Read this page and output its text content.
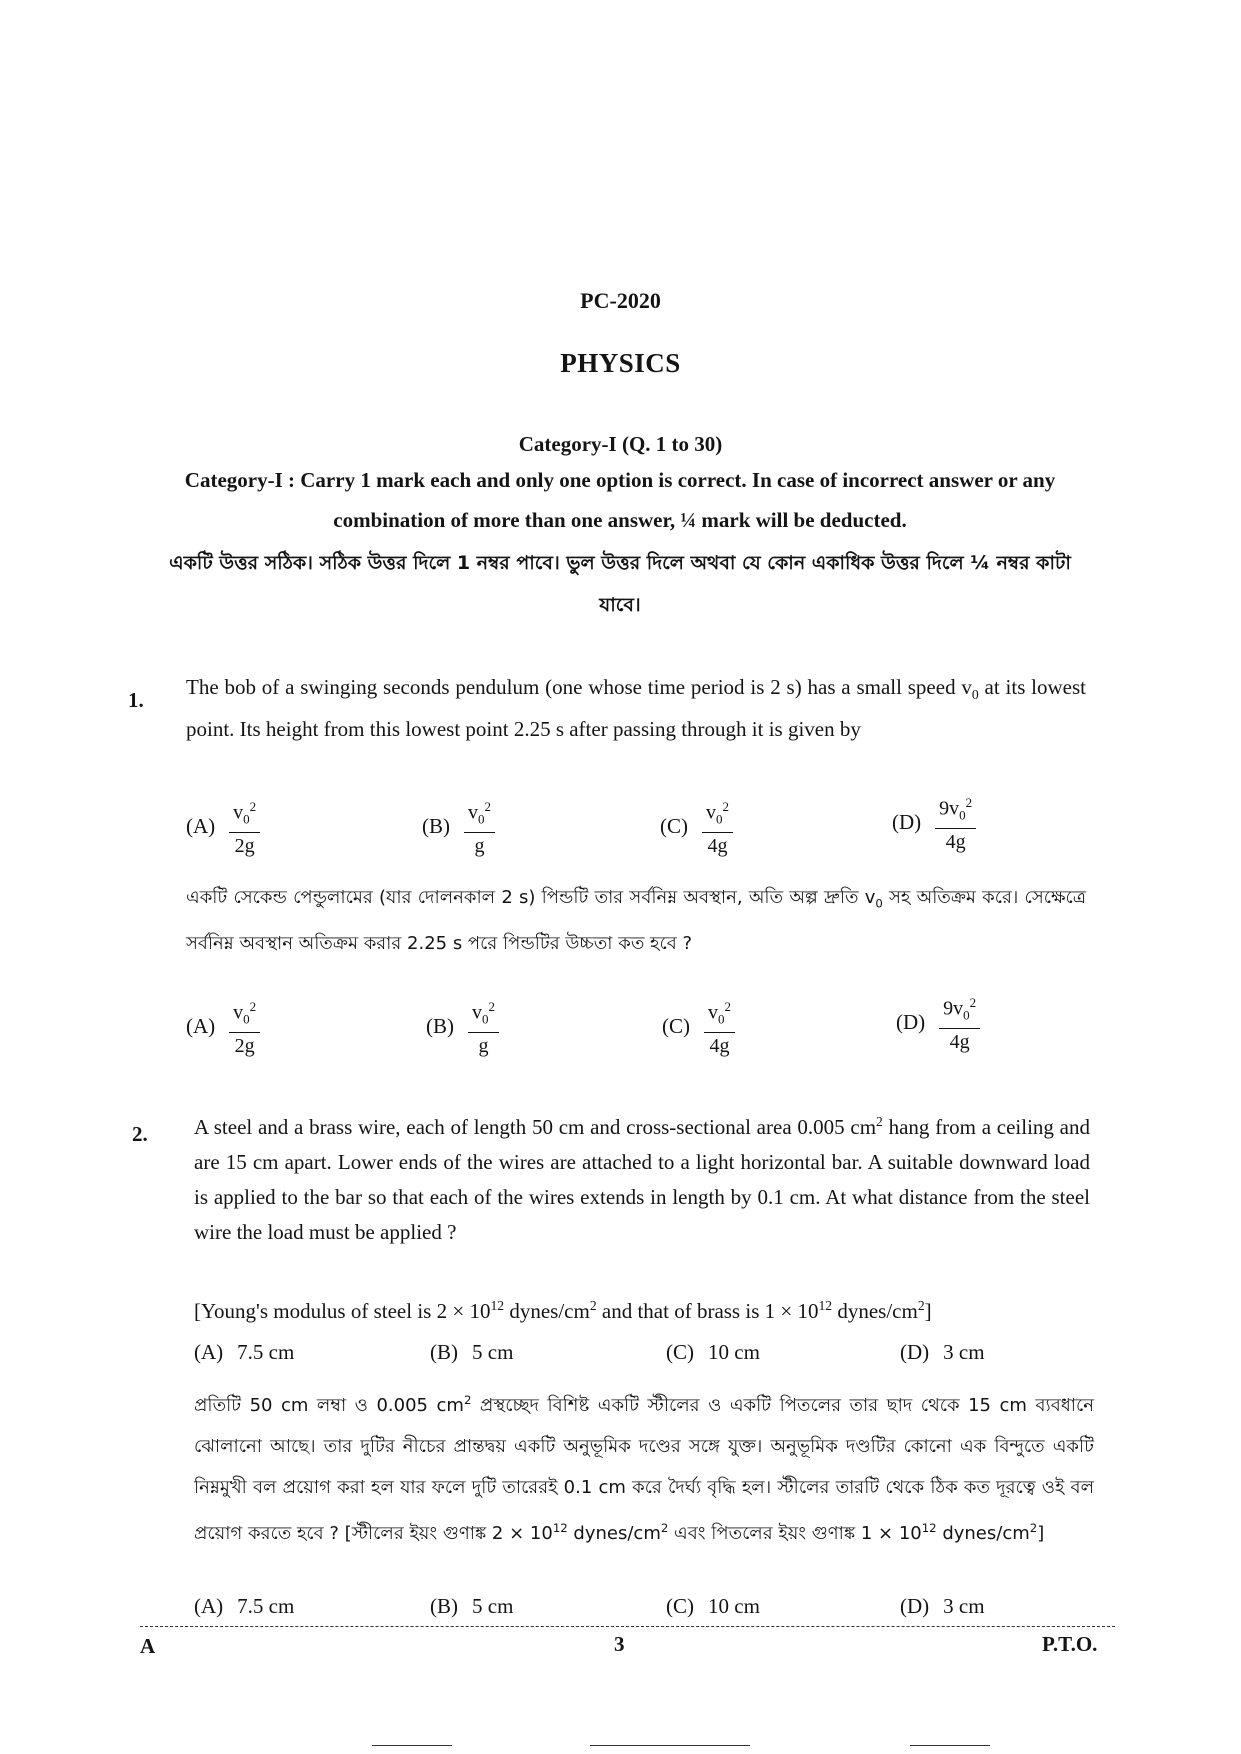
PC-2020
PHYSICS
Category-I (Q. 1 to 30)
Category-I : Carry 1 mark each and only one option is correct. In case of incorrect answer or any combination of more than one answer, ¼ mark will be deducted.
একটি উত্তর সঠিক। সঠিক উত্তর দিলে 1 নম্বর পাবে। ভুল উত্তর দিলে অথবা যে কোন একাধিক উত্তর দিলে ¼ নম্বর কাটা যাবে।
1.
The bob of a swinging seconds pendulum (one whose time period is 2 s) has a small speed $v_0$ at its lowest point. Its height from this lowest point 2.25 s after passing through it is given by
$(A) \frac{v_0^2}{2g}$	$(B) \frac{v_0^2}{g}$	$(C) \frac{v_0^2}{4g}$	$(D) \frac{9v_0^2}{4g}$
একটি সেকেন্ড পেন্ডুলামের (যার দোলনকাল 2 s) পিন্ডটি তার সর্বনিম্ন অবস্থান, অতি অল্প দ্রুতি $v_0$ সহ অতিক্রম করে। সেক্ষেত্রে সর্বনিম্ন অবস্থান অতিক্রম করার 2.25 s পরে পিন্ডটির উচ্চতা কত হবে ?
$(A) \frac{v_0^2}{2g}$	$(B) \frac{v_0^2}{g}$	$(C) \frac{v_0^2}{4g}$	$(D) \frac{9v_0^2}{4g}$
2. A steel and a brass wire, each of length 50 cm and cross-sectional area 0.005 $cm^2$ hang from a ceiling and are 15 cm apart. Lower ends of the wires are attached to a light horizontal bar. A suitable downward load is applied to the bar so that each of the wires extends in length by 0.1 cm. At what distance from the steel wire the load must be applied ?
[Young's modulus of steel is $2 \times 10^{12}$ dynes/$cm^2$ and that of brass is $1 \times 10^{12}$ dynes/$cm^2$]
(A) 7.5 cm	(B) 5 cm	(C) 10 cm	(D) 3 cm
প্রতিটি 50 cm লম্বা ও 0.005 $cm^2$ প্রস্থচ্ছেদ বিশিষ্ট একটি স্টীলের ও একটি পিতলের তার ছাদ থেকে 15 cm ব্যবধানে ঝোলানো আছে। তার দুটির নীচের প্রান্তদ্বয় একটি অনুভূমিক দণ্ডের সঙ্গে যুক্ত। অনুভূমিক দণ্ডটির কোনো এক বিন্দুতে একটি নিম্নমুখী বল প্রয়োগ করা হল যার ফলে দুটি তারেরই 0.1 cm করে দৈর্ঘ্য বৃদ্ধি হল। স্টীলের তারটি থেকে ঠিক কত দূরত্বে ওই বল প্রয়োগ করতে হবে ? [স্টীলের ইয়ং গুণাঙ্ক $2 \times 10^{12}$ dynes/$cm^2$ এবং পিতলের ইয়ং গুণাঙ্ক $1 \times 10^{12}$ dynes/$cm^2$]
(A) 7.5 cm	(B) 5 cm	(C) 10 cm	(D) 3 cm
A	3	P.T.O.
